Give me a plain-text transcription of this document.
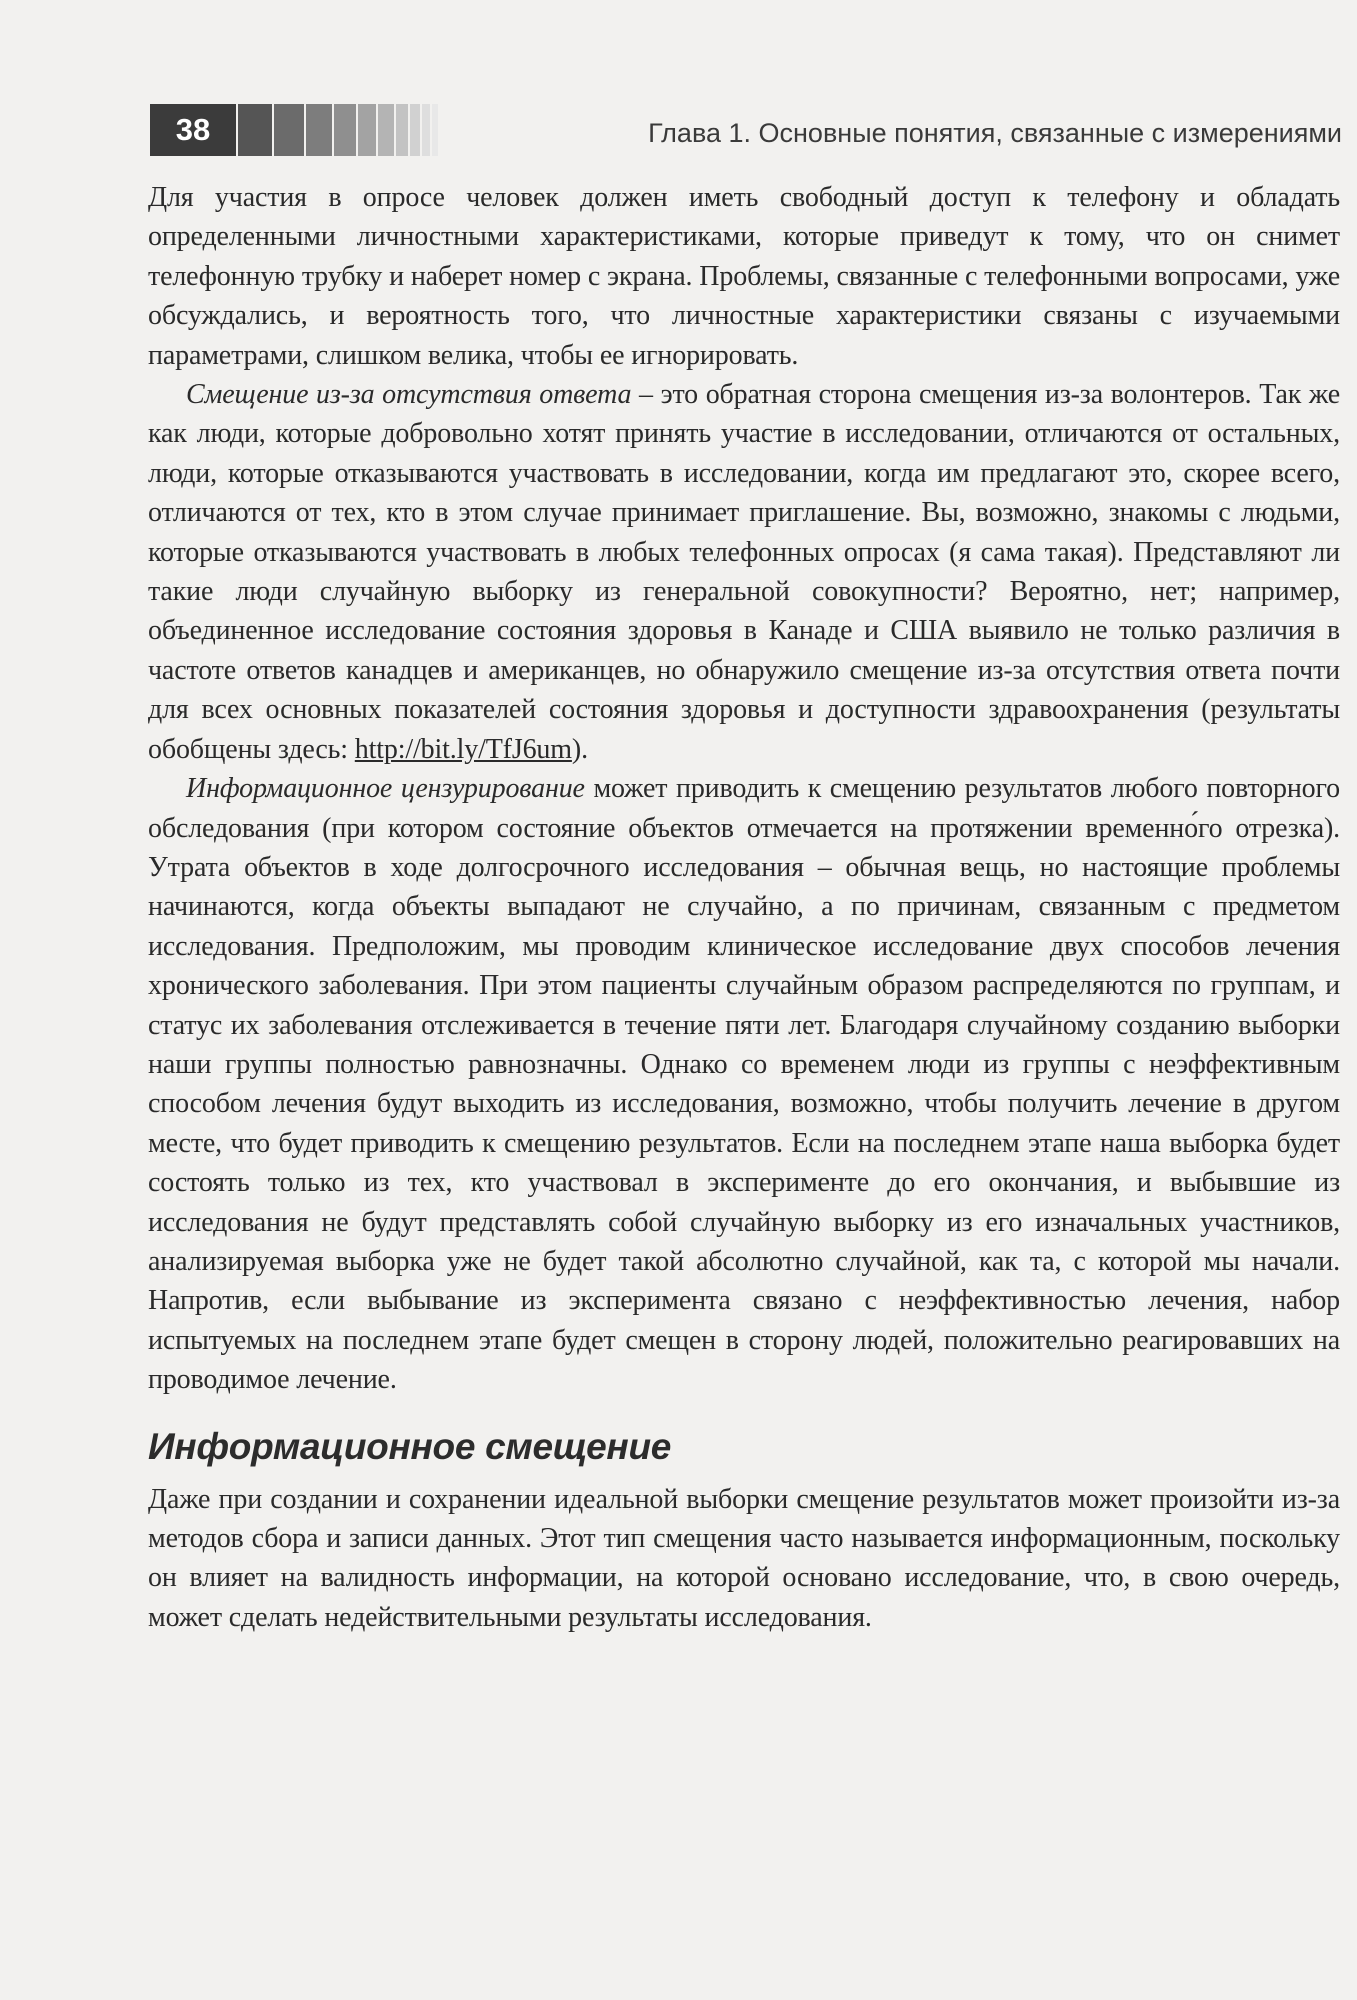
38	Глава 1. Основные понятия, связанные с измерениями

Для участия в опросе человек должен иметь свободный доступ к телефону и обладать определенными личностными характеристиками, которые приведут к тому, что он снимет телефонную трубку и наберет номер с экрана. Проблемы, связанные с телефонными вопросами, уже обсуждались, и вероятность того, что личностные характеристики связаны с изучаемыми параметрами, слишком велика, чтобы ее игнорировать.

Смещение из-за отсутствия ответа – это обратная сторона смещения из-за волонтеров. Так же как люди, которые добровольно хотят принять участие в исследовании, отличаются от остальных, люди, которые отказываются участвовать в исследовании, когда им предлагают это, скорее всего, отличаются от тех, кто в этом случае принимает приглашение. Вы, возможно, знакомы с людьми, которые отказываются участвовать в любых телефонных опросах (я сама такая). Представляют ли такие люди случайную выборку из генеральной совокупности? Вероятно, нет; например, объединенное исследование состояния здоровья в Канаде и США выявило не только различия в частоте ответов канадцев и американцев, но обнаружило смещение из-за отсутствия ответа почти для всех основных показателей состояния здоровья и доступности здравоохранения (результаты обобщены здесь: http://bit.ly/TfJ6um).

Информационное цензурирование может приводить к смещению результатов любого повторного обследования (при котором состояние объектов отмечается на протяжении временно́го отрезка). Утрата объектов в ходе долгосрочного исследования – обычная вещь, но настоящие проблемы начинаются, когда объекты выпадают не случайно, а по причинам, связанным с предметом исследования. Предположим, мы проводим клиническое исследование двух способов лечения хронического заболевания. При этом пациенты случайным образом распределяются по группам, и статус их заболевания отслеживается в течение пяти лет. Благодаря случайному созданию выборки наши группы полностью равнозначны. Однако со временем люди из группы с неэффективным способом лечения будут выходить из исследования, возможно, чтобы получить лечение в другом месте, что будет приводить к смещению результатов. Если на последнем этапе наша выборка будет состоять только из тех, кто участвовал в эксперименте до его окончания, и выбывшие из исследования не будут представлять собой случайную выборку из его изначальных участников, анализируемая выборка уже не будет такой абсолютно случайной, как та, с которой мы начали. Напротив, если выбывание из эксперимента связано с неэффективностью лечения, набор испытуемых на последнем этапе будет смещен в сторону людей, положительно реагировавших на проводимое лечение.

Информационное смещение

Даже при создании и сохранении идеальной выборки смещение результатов может произойти из-за методов сбора и записи данных. Этот тип смещения часто называется информационным, поскольку он влияет на валидность информации, на которой основано исследование, что, в свою очередь, может сделать недействительными результаты исследования.
